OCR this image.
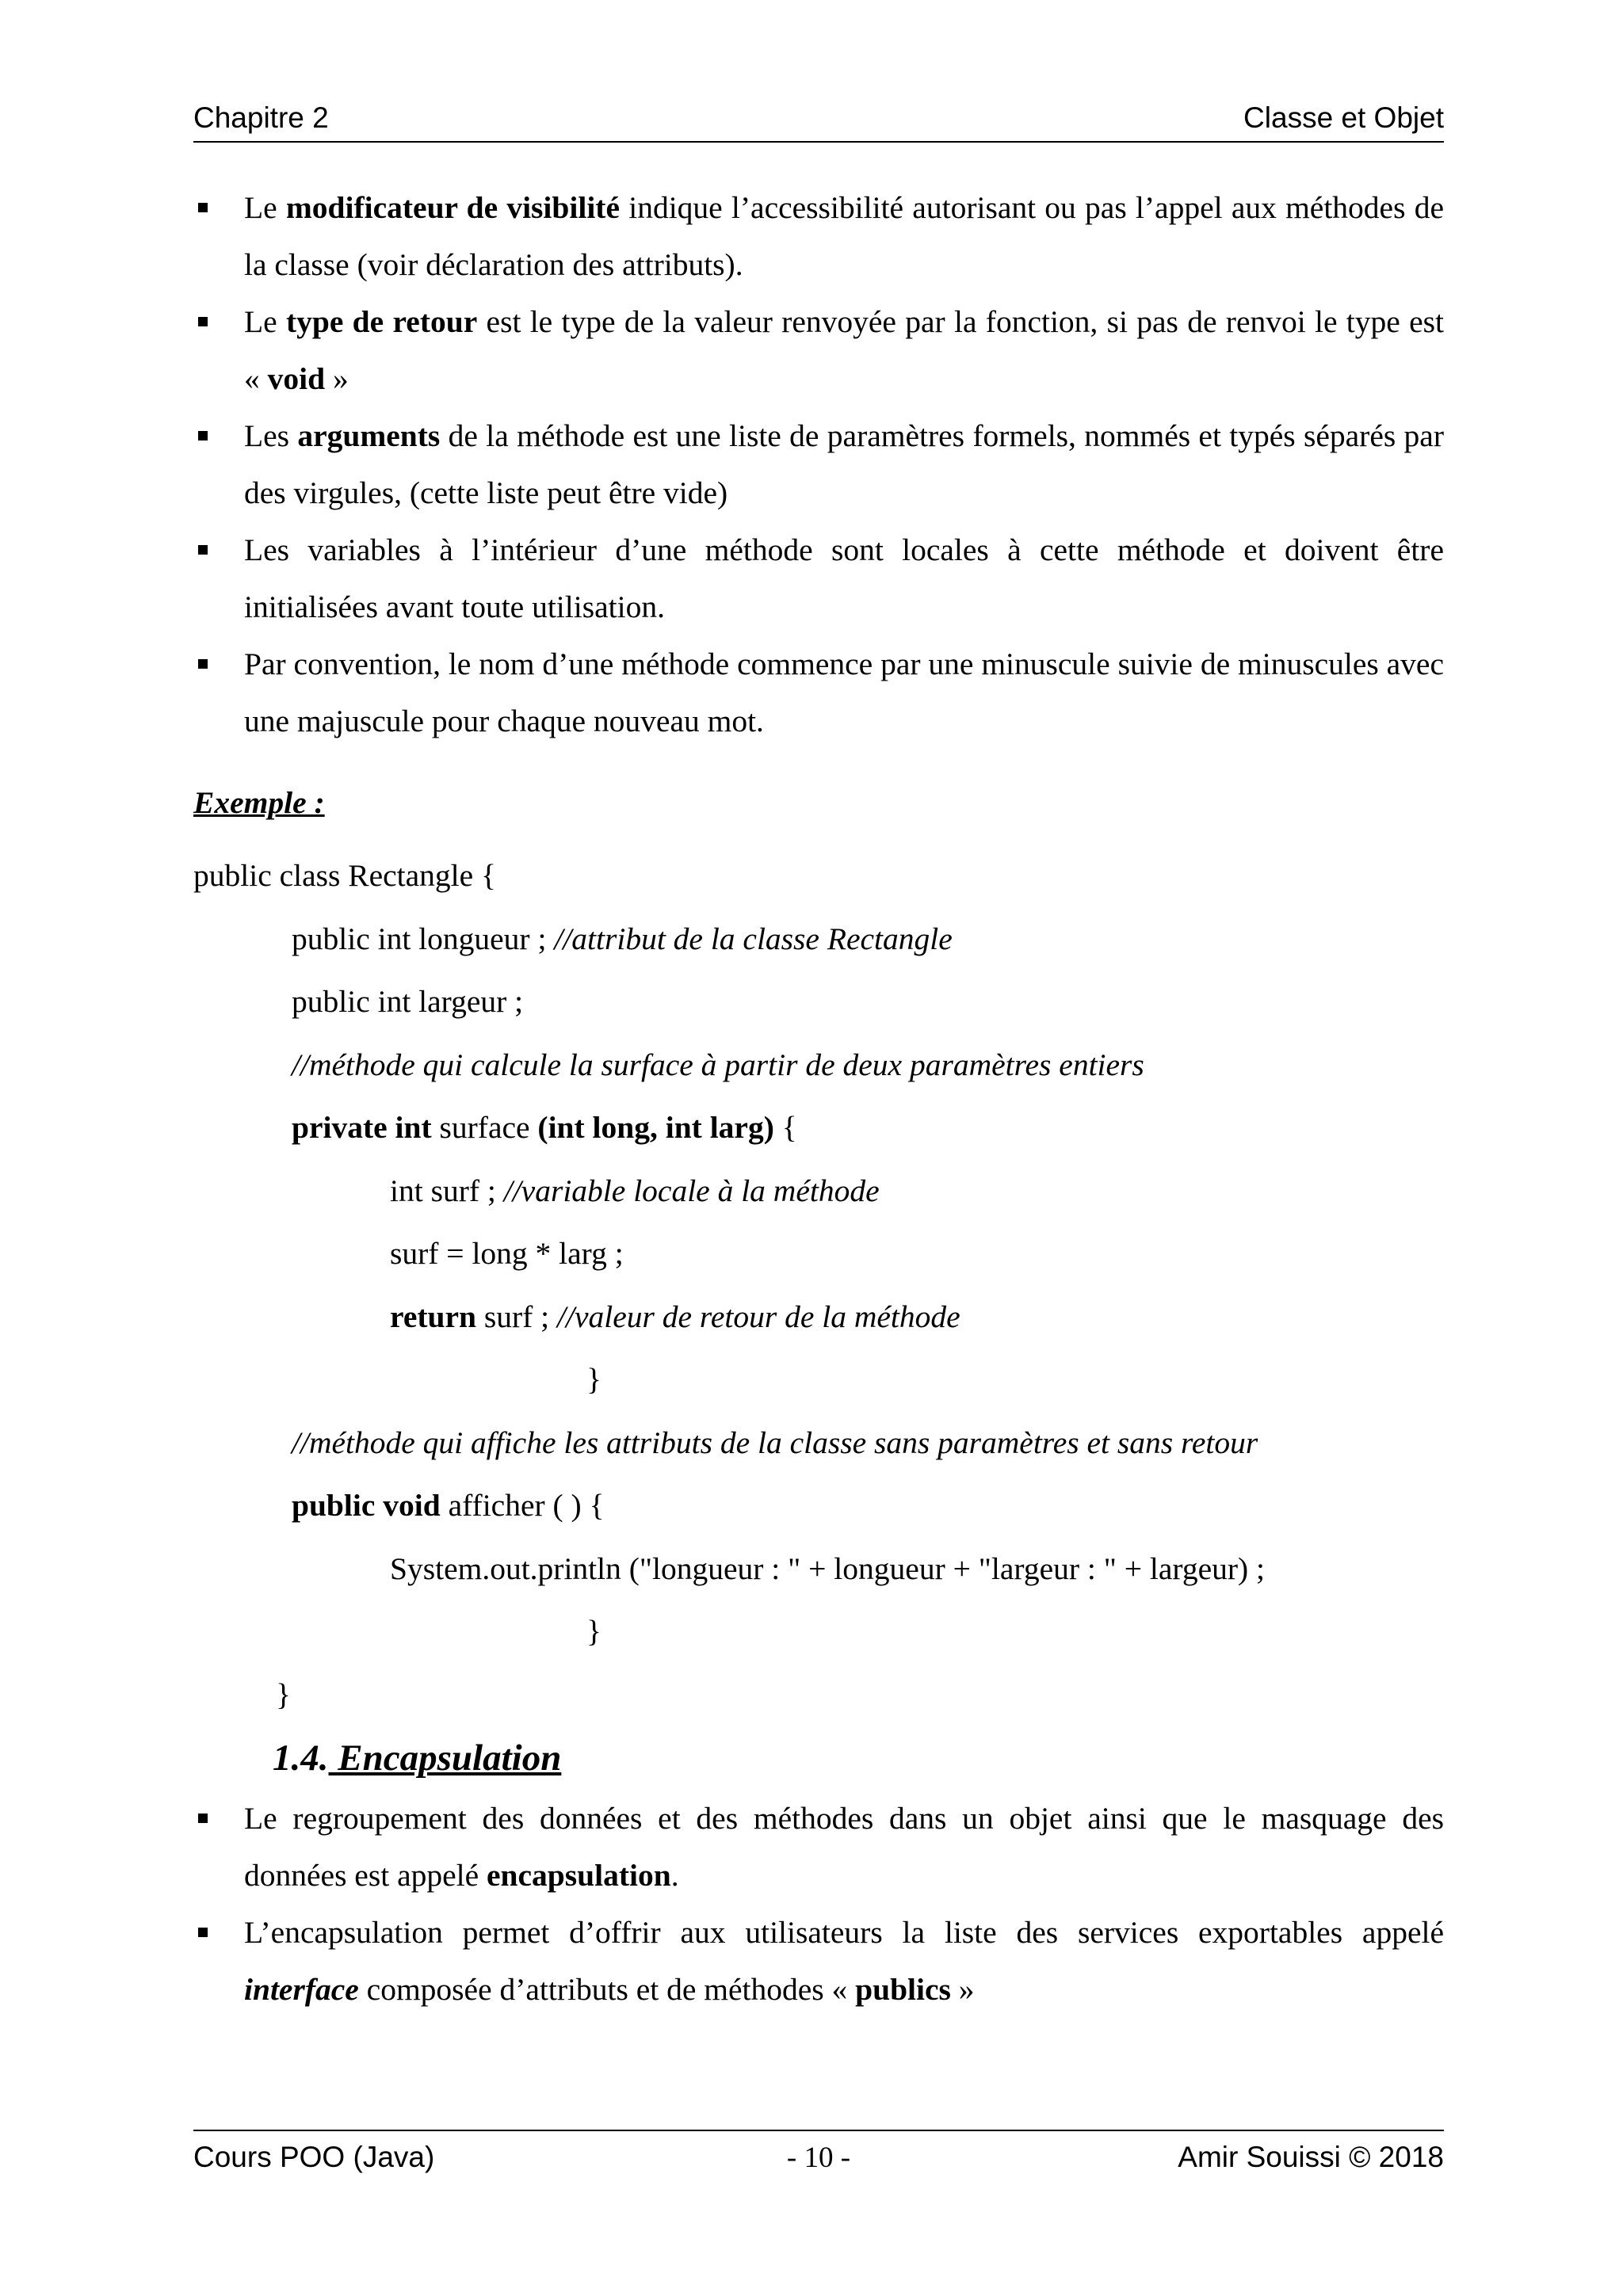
Chapitre 2	Classe et Objet
Le modificateur de visibilité indique l’accessibilité autorisant ou pas l’appel aux méthodes de la classe (voir déclaration des attributs).
Le type de retour est le type de la valeur renvoyée par la fonction, si pas de renvoi le type est « void »
Les arguments de la méthode est une liste de paramètres formels, nommés et typés séparés par des virgules, (cette liste peut être vide)
Les variables à l’intérieur d’une méthode sont locales à cette méthode et doivent être initialisées avant toute utilisation.
Par convention, le nom d’une méthode commence par une minuscule suivie de minuscules avec une majuscule pour chaque nouveau mot.
Exemple :
public class Rectangle {
public int longueur ; //attribut de la classe Rectangle
public int largeur ;
//méthode qui calcule la surface à partir de deux paramètres entiers
private int surface (int long, int larg) {
int surf ; //variable locale à la méthode
surf = long * larg ;
return surf ; //valeur de retour de la méthode
}
//méthode qui affiche les attributs de la classe sans paramètres et sans retour
public void afficher ( ) {
System.out.println ("longueur : " + longueur + "largeur : " + largeur) ;
}
}
1.4. Encapsulation
Le regroupement des données et des méthodes dans un objet ainsi que le masquage des données est appelé encapsulation.
L’encapsulation permet d’offrir aux utilisateurs la liste des services exportables appelé interface composée d’attributs et de méthodes « publics »
Cours POO (Java)	- 10 -	Amir Souissi © 2018
